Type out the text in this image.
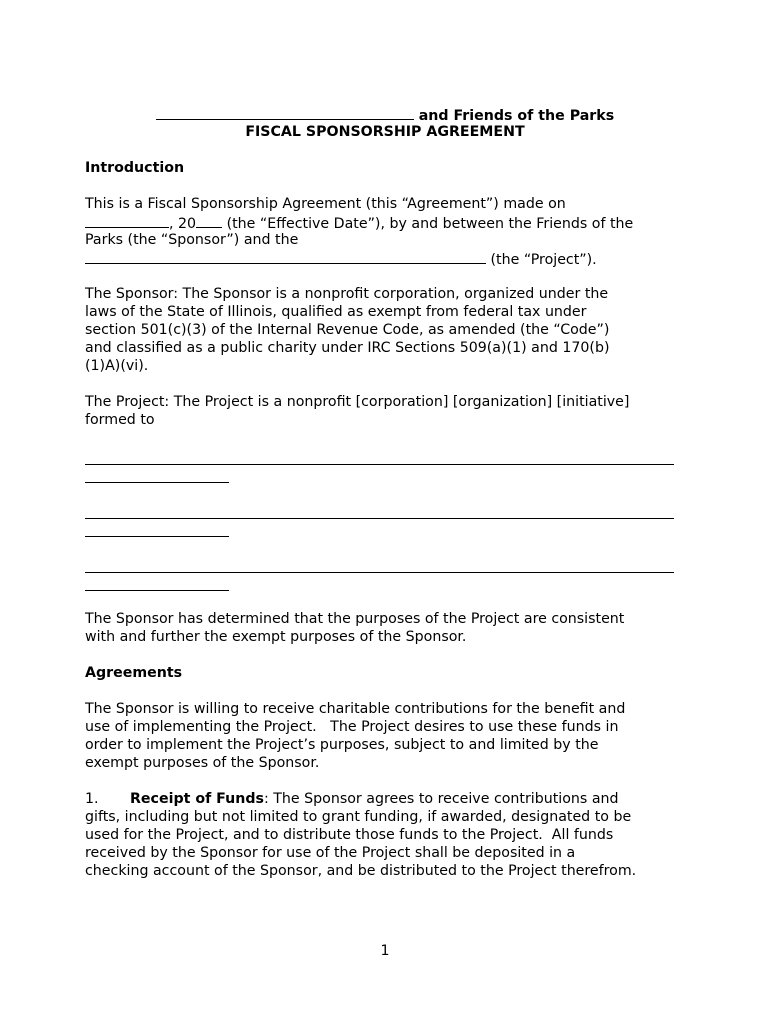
and Friends of the Parks
FISCAL SPONSORSHIP AGREEMENT
Introduction
This is a Fiscal Sponsorship Agreement (this “Agreement”) made on
, 20 (the “Effective Date”), by and between the Friends of the
Parks (the “Sponsor”) and the
(the “Project”).
The Sponsor: The Sponsor is a nonprofit corporation, organized under the
laws of the State of Illinois, qualified as exempt from federal tax under
section 501(c)(3) of the Internal Revenue Code, as amended (the “Code”)
and classified as a public charity under IRC Sections 509(a)(1) and 170(b)
(1)A)(vi).
The Project: The Project is a nonprofit [corporation] [organization] [initiative]
formed to
The Sponsor has determined that the purposes of the Project are consistent
with and further the exempt purposes of the Sponsor.
Agreements
The Sponsor is willing to receive charitable contributions for the benefit and
use of implementing the Project.   The Project desires to use these funds in
order to implement the Project’s purposes, subject to and limited by the
exempt purposes of the Sponsor.
1. Receipt of Funds: The Sponsor agrees to receive contributions and
gifts, including but not limited to grant funding, if awarded, designated to be
used for the Project, and to distribute those funds to the Project.  All funds
received by the Sponsor for use of the Project shall be deposited in a
checking account of the Sponsor, and be distributed to the Project therefrom.
1
